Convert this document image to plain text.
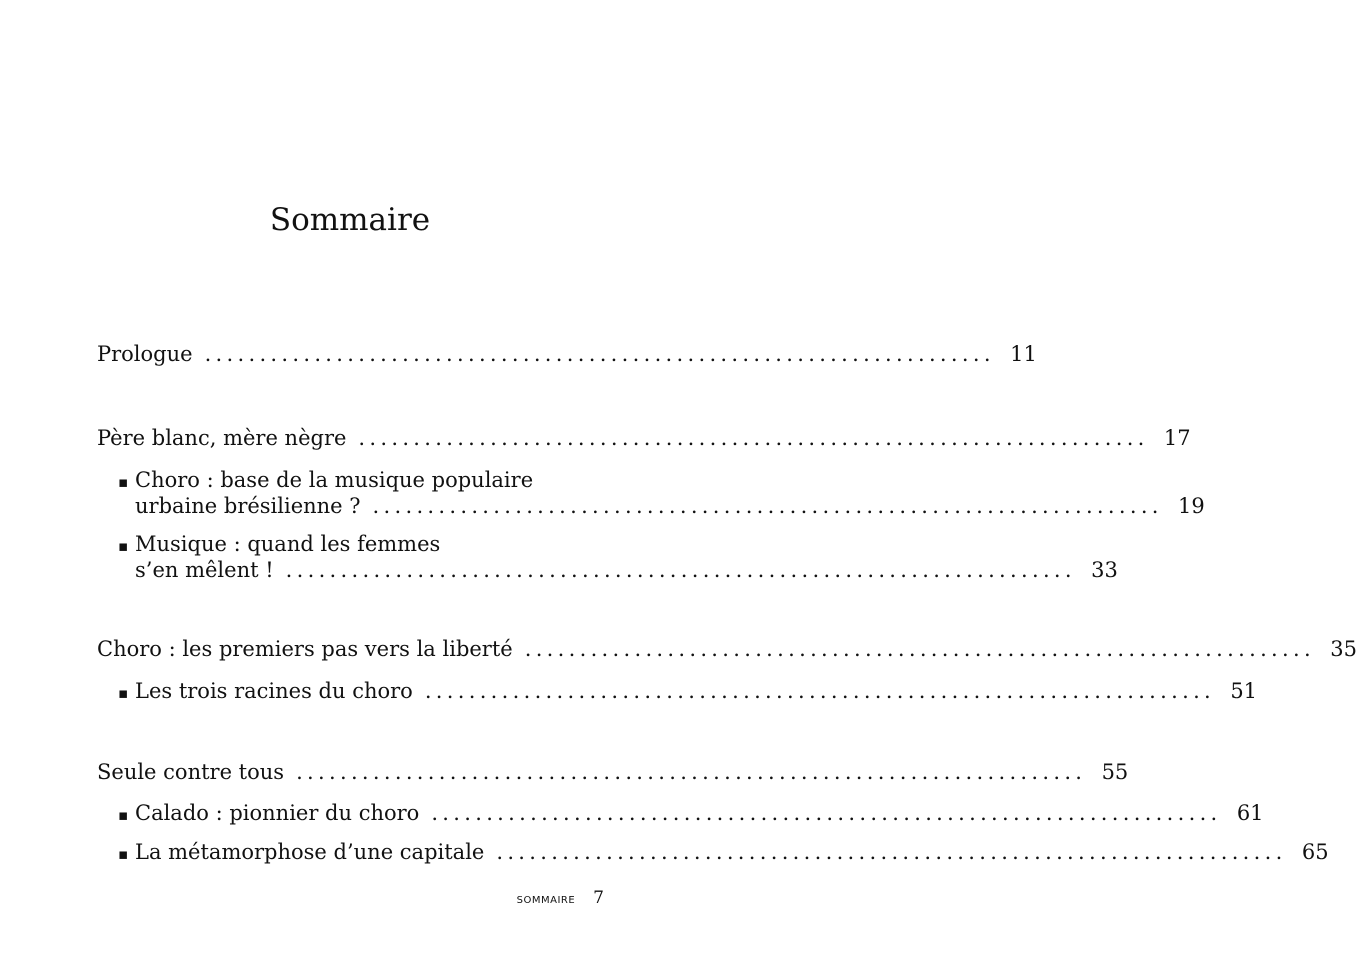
Sommaire
Prologue ........................................................................ 11
Père blanc, mère nègre ........................................................................ 17
▪ Choro : base de la musique populaire
urbaine brésilienne ? ........................................................................ 19
▪ Musique : quand les femmes
s’en mêlent ! ........................................................................ 33
Choro : les premiers pas vers la liberté ........................................................................ 35
▪ Les trois racines du choro ........................................................................ 51
Seule contre tous ........................................................................ 55
▪ Calado : pionnier du choro ........................................................................ 61
▪ La métamorphose d’une capitale ........................................................................ 65
SOMMAIRE 7
